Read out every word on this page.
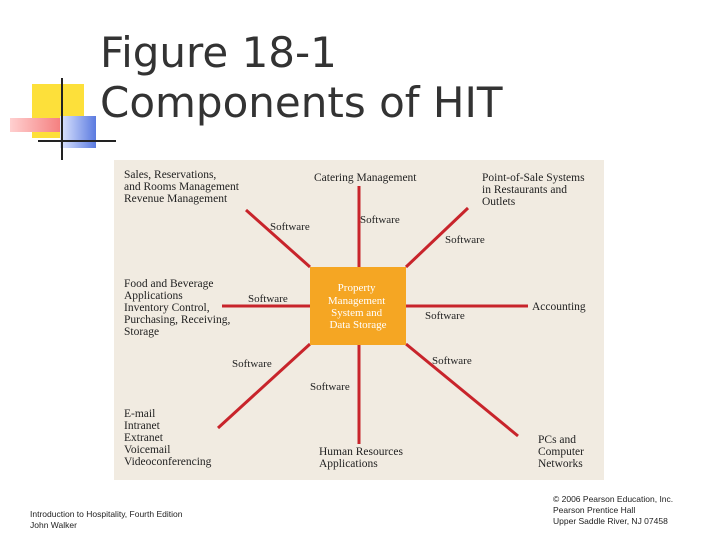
Figure 18-1
Components of HIT
Property Management System and Data Storage
Sales, Reservations, and Rooms Management Revenue Management
Catering Management	Point-of-Sale Systems in Restaurants and Outlets
Food and Beverage Applications Inventory Control, Purchasing, Receiving, Storage
Accounting
E-mail Intranet Extranet Voicemail Videoconferencing
Human Resources Applications
PCs and Computer Networks
Software
Software
Software
Software
Software
Software	Software
Software
Introduction to Hospitality, Fourth Edition
John Walker
© 2006 Pearson Education, Inc.
Pearson Prentice Hall
Upper Saddle River, NJ 07458
